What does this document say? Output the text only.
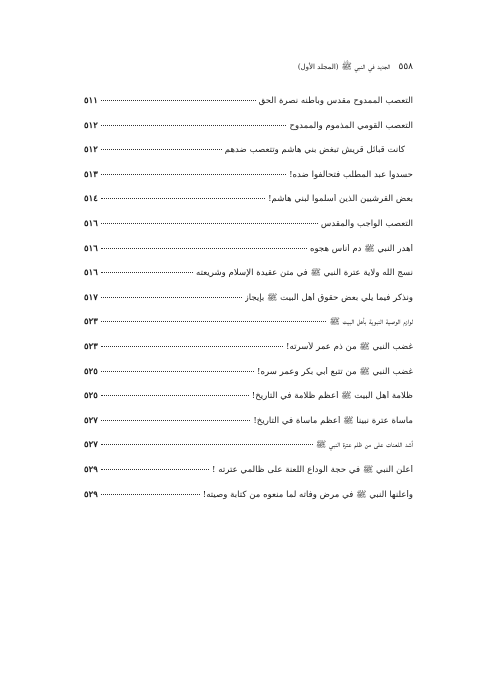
٥٥٨
الجديد في النبي ﷺ
(المجلد الأول)
التعصب الممدوح مقدس وباطنه نصرة الحق
٥١١
التعصب القومي المذموم والممدوح
٥١٢
كانت قبائل قريش تبغض بني هاشم وتتعصب ضدهم
٥١٢
حسدوا عبد المطلب فتحالفوا ضده!
٥١٣
بعض القرشيين الذين أسلموا لبني هاشم!
٥١٤
التعصب الواجب والمقدس
٥١٦
أهدر النبي ﷺ دم أناس هجوه
٥١٦
نسج الله ولاية عترة النبي ﷺ في متن عقيدة الإسلام وشريعته
٥١٦
ونذكر فيما يلي بعض حقوق أهل البيت ﷺ بإيجاز
٥١٧
لوازم الوصية النبوية بأهل البيت ﷺ
٥٢٣
غضب النبي ﷺ من ذم عمر لأسرته!
٥٢٣
غضب النبي ﷺ من تتبع أبي بكر وعمر سره!
٥٢٥
ظلامة أهل البيت ﷺ أعظم ظلامة في التاريخ!
٥٢٥
مأساة عترة نبينا ﷺ أعظم مأساة في التاريخ!
٥٢٧
أشد اللعنات على من ظلم عترة النبي ﷺ
٥٢٧
أعلن النبي ﷺ في حجة الوداع اللعنة على ظالمي عترته !
٥٢٩
وأعلنها النبي ﷺ في مرض وفاته لما منعوه من كتابة وصيته!
٥٢٩
